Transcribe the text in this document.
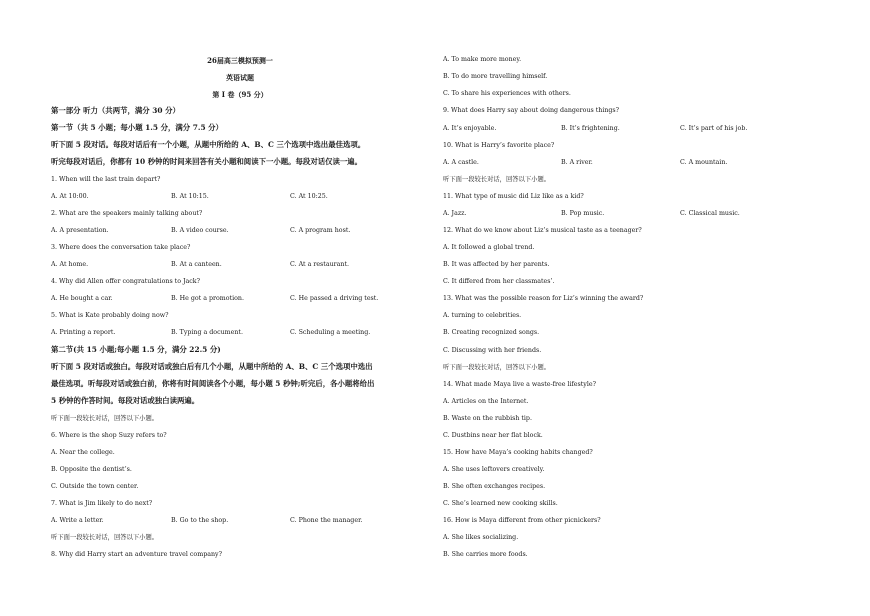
26届高三模拟预测一
英语试题
第 I 卷（95 分）
第一部分 听力（共两节，满分 30 分）
第一节（共 5 小题；每小题 1.5 分，满分 7.5 分）
听下面 5 段对话。每段对话后有一个小题，从题中所给的 A、B、C 三个选项中选出最佳选项。
听完每段对话后，你都有 10 秒钟的时间来回答有关小题和阅读下一小题。每段对话仅读一遍。
1. When will the last train depart?
A. At 10:00.	B. At 10:15.	C. At 10:25.
2. What are the speakers mainly talking about?
A. A presentation.	B. A video course.	C. A program host.
3. Where does the conversation take place?
A. At home.	B. At a canteen.	C. At a restaurant.
4. Why did Allen offer congratulations to Jack?
A. He bought a car.	B. He got a promotion.	C. He passed a driving test.
5. What is Kate probably doing now?
A. Printing a report.	B. Typing a document.	C. Scheduling a meeting.
第二节(共 15 小题;每小题 1.5 分，满分 22.5 分)
听下面 5 段对话或独白。每段对话或独白后有几个小题，从题中所给的 A、B、C 三个选项中选出
最佳选项。听每段对话或独白前，你将有时间阅读各个小题，每小题 5 秒钟;听完后，各小题将给出
5 秒钟的作答时间。每段对话或独白读两遍。
听下面一段较长对话，回答以下小题。
6. Where is the shop Suzy refers to?
A. Near the college.
B. Opposite the dentist’s.
C. Outside the town center.
7. What is Jim likely to do next?
A. Write a letter.	B. Go to the shop.	C. Phone the manager.
听下面一段较长对话，回答以下小题。
8. Why did Harry start an adventure travel company?
A. To make more money.
B. To do more travelling himself.
C. To share his experiences with others.
9. What does Harry say about doing dangerous things?
A. It’s enjoyable.	B. It’s frightening.	C. It’s part of his job.
10. What is Harry’s favorite place?
A. A castle.	B. A river.	C. A mountain.
听下面一段较长对话，回答以下小题。
11. What type of music did Liz like as a kid?
A. Jazz.	B. Pop music.	C. Classical music.
12. What do we know about Liz’s musical taste as a teenager?
A. It followed a global trend.
B. It was affected by her parents.
C. It differed from her classmates’.
13. What was the possible reason for Liz’s winning the award?
A. turning to celebrities.
B. Creating recognized songs.
C. Discussing with her friends.
听下面一段较长对话，回答以下小题。
14. What made Maya live a waste-free lifestyle?
A. Articles on the Internet.
B. Waste on the rubbish tip.
C. Dustbins near her flat block.
15. How have Maya’s cooking habits changed?
A. She uses leftovers creatively.
B. She often exchanges recipes.
C. She’s learned new cooking skills.
16. How is Maya different from other picnickers?
A. She likes socializing.
B. She carries more foods.
